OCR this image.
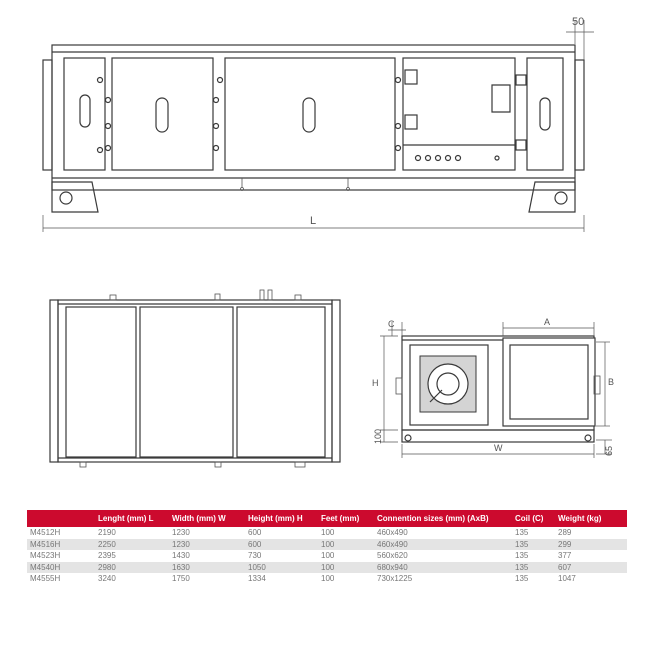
L
50
C	A
H
100
B
65
W
	Lenght (mm) L	Width (mm) W	Height (mm) H	Feet (mm)	Connention sizes (mm) (AxB)	Coil (C)	Weight (kg)
M4512H	2190	1230	600	100	460x490	135	289
M4516H	2250	1230	600	100	460x490	135	299
M4523H	2395	1430	730	100	560x620	135	377
M4540H	2980	1630	1050	100	680x940	135	607
M4555H	3240	1750	1334	100	730x1225	135	1047
